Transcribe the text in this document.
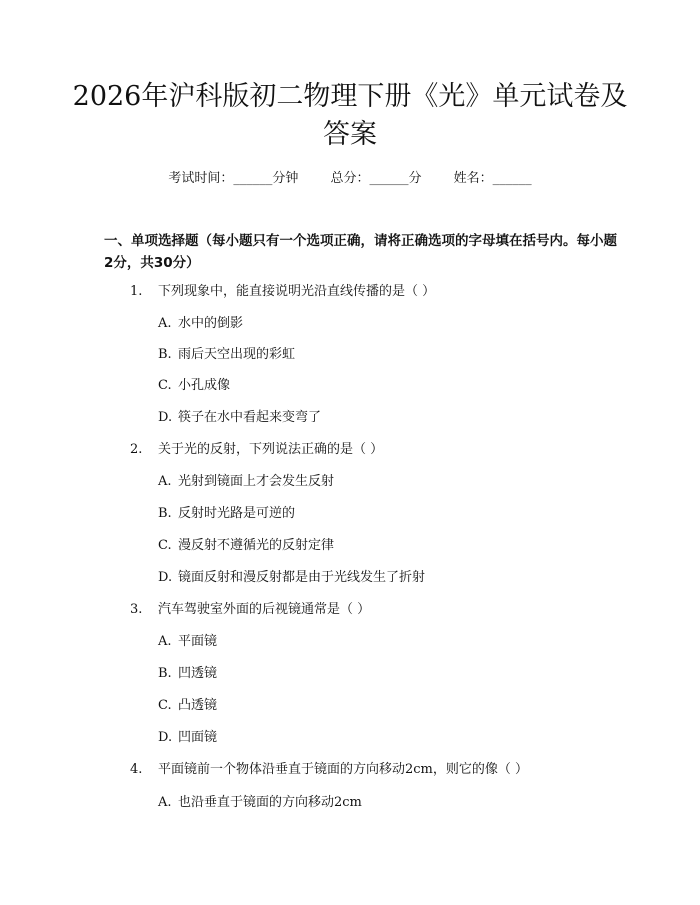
2026年沪科版初二物理下册《光》单元试卷及答案
考试时间：______分钟 总分：______分 姓名：______

一、单项选择题（每小题只有一个选项正确，请将正确选项的字母填在括号内。每小题2分，共30分）

1. 下列现象中，能直接说明光沿直线传播的是（ ）
A. 水中的倒影
B. 雨后天空出现的彩虹
C. 小孔成像
D. 筷子在水中看起来变弯了
2. 关于光的反射，下列说法正确的是（ ）
A. 光射到镜面上才会发生反射
B. 反射时光路是可逆的
C. 漫反射不遵循光的反射定律
D. 镜面反射和漫反射都是由于光线发生了折射
3. 汽车驾驶室外面的后视镜通常是（ ）
A. 平面镜
B. 凹透镜
C. 凸透镜
D. 凹面镜
4. 平面镜前一个物体沿垂直于镜面的方向移动2cm，则它的像（ ）
A. 也沿垂直于镜面的方向移动2cm
